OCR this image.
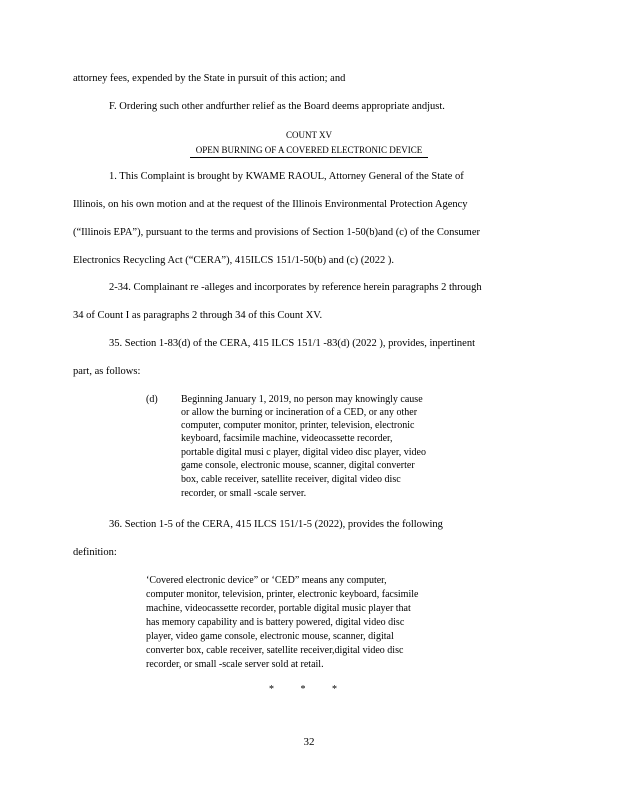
attorney fees, expended by the State in pursuit of this action; and
F. Ordering such other andfurther relief as the Board deems appropriate andjust.
COUNT XV
OPEN BURNING OF A COVERED ELECTRONIC DEVICE
1. This Complaint is brought by KWAME RAOUL, Attorney General of the State of
Illinois, on his own motion and at the request of the Illinois Environmental Protection Agency
(“Illinois EPA”), pursuant to the terms and provisions of Section 1-50(b)and (c) of the Consumer
Electronics Recycling Act (“CERA”), 415ILCS 151/1-50(b) and (c) (2022 ).
2-34. Complainant re -alleges and incorporates by reference herein paragraphs 2 through
34 of Count I as paragraphs 2 through 34 of this Count XV.
35. Section 1-83(d) of the CERA, 415 ILCS 151/1 -83(d) (2022 ), provides, inpertinent
part, as follows:
(d) Beginning January 1, 2019, no person may knowingly cause
or allow the burning or incineration of a CED, or any other
computer, computer monitor, printer, television, electronic
keyboard, facsimile machine, videocassette recorder,
portable digital musi c player, digital video disc player, video
game console, electronic mouse, scanner, digital converter
box, cable receiver, satellite receiver, digital video disc
recorder, or small -scale server.
36. Section 1-5 of the CERA, 415 ILCS 151/1-5 (2022), provides the following
definition:
‘Covered electronic device” or ‘CED” means any computer,
computer monitor, television, printer, electronic keyboard, facsimile
machine, videocassette recorder, portable digital music player that
has memory capability and is battery powered, digital video disc
player, video game console, electronic mouse, scanner, digital
converter box, cable receiver, satellite receiver,digital video disc
recorder, or small -scale server sold at retail.
* * *
32
